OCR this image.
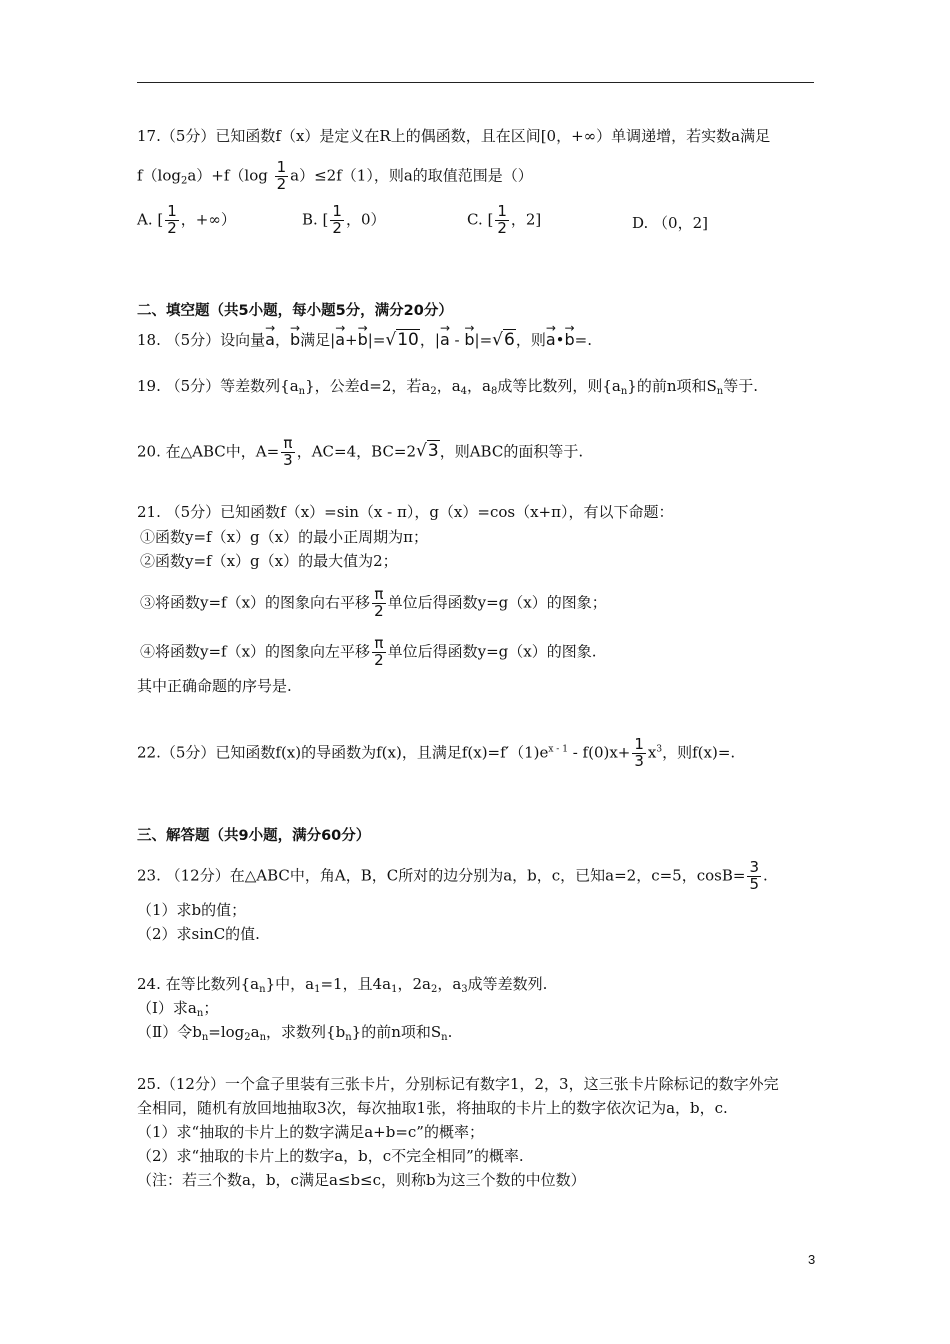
17.（5分）已知函数f（x）是定义在R上的偶函数，且在区间[0，+∞）单调递增，若实数a满足
$f(\log_2a)+f(\log \frac{1}{2} a)\le 2f(1)$，则a的取值范围是（）
A. [ $\frac{1}{2}$ ，+∞）	B. [ $\frac{1}{2}$ ，0）	C. [ $\frac{1}{2}$ ，2]	D. （0，2]
二、填空题（共5小题，每小题5分，满分20分）
18. （5分）设向量→ a，→ b满足|→ a+→ b|=√10，|→ a - → b|=√6，则→ a•→ b=.
19. （5分）等差数列$\{a_n\}$，公差d=2，若$a_2$，$a_4$，$a_8$成等比数列，则$\{a_n\}$的前n项和$S_n$等于.
20. 在△ABC中，$A= \frac{\pi}{3}$ ，AC=4，BC=2√3，则ABC的面积等于.
21. （5分）已知函数f（x）=sin（x - π），g（x）=cos（x+π），有以下命题：
①函数y=f（x）g（x）的最小正周期为π；
②函数y=f（x）g（x）的最大值为2；
③将函数y=f（x）的图象向右平移 $\frac{\pi}{2}$ 单位后得函数y=g（x）的图象；
④将函数y=f（x）的图象向左平移 $\frac{\pi}{2}$ 单位后得函数y=g（x）的图象.
其中正确命题的序号是.
22.（5分）已知函数f(x)的导函数为f(x)，且满足$f(x)=f'(1)e^{x - 1} - f(0)x+ \frac{1}{3} x^3$，则f(x)=.
三、解答题（共9小题，满分60分）
23. （12分）在△ABC中，角A，B，C所对的边分别为a，b，c，已知a=2，c=5，$\cos B= \frac{3}{5}$ .
（1）求b的值；
（2）求sinC的值.
24. 在等比数列$\{a_n\}$中，$a_1=1$，且$4a_1$，$2a_2$，$a_3$成等差数列.
（Ⅰ）求$a_n$；
（Ⅱ）令$b_n=\log_2a_n$，求数列$\{b_n\}$的前n项和$S_n$.
25.（12分）一个盒子里装有三张卡片，分别标记有数字1，2，3，这三张卡片除标记的数字外完
全相同，随机有放回地抽取3次，每次抽取1张，将抽取的卡片上的数字依次记为a，b，c.
（1）求“抽取的卡片上的数字满足a+b=c”的概率；
（2）求“抽取的卡片上的数字a，b，c不完全相同”的概率.
（注：若三个数a，b，c满足a≤b≤c，则称b为这三个数的中位数）
3
